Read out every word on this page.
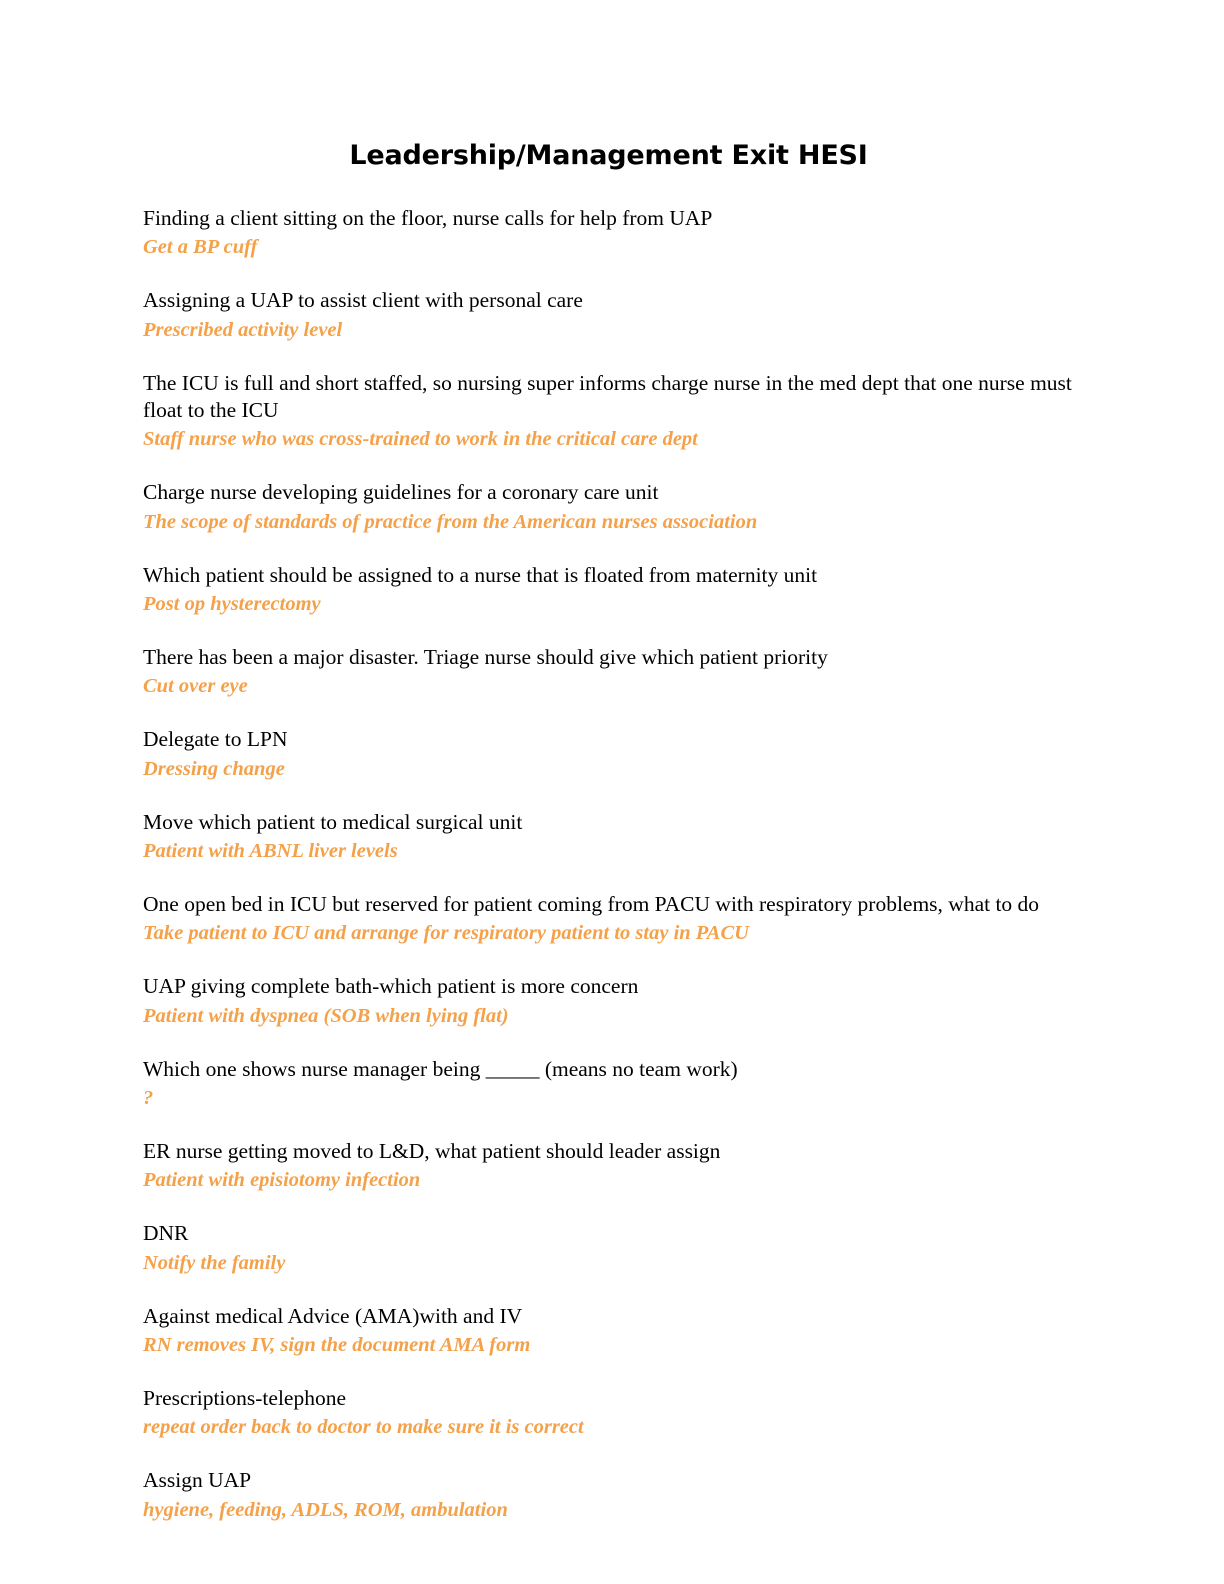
Leadership/Management Exit HESI

Finding a client sitting on the floor, nurse calls for help from UAP

Get a BP cuff

Assigning a UAP to assist client with personal care

Prescribed activity level

The ICU is full and short staffed, so nursing super informs charge nurse in the med dept that one nurse must float to the ICU

Staff nurse who was cross-trained to work in the critical care dept

Charge nurse developing guidelines for a coronary care unit

The scope of standards of practice from the American nurses association

Which patient should be assigned to a nurse that is floated from maternity unit

Post op hysterectomy

There has been a major disaster. Triage nurse should give which patient priority

Cut over eye

Delegate to LPN

Dressing change

Move which patient to medical surgical unit

Patient with ABNL liver levels

One open bed in ICU but reserved for patient coming from PACU with respiratory problems, what to do

Take patient to ICU and arrange for respiratory patient to stay in PACU

UAP giving complete bath-which patient is more concern

Patient with dyspnea (SOB when lying flat)

Which one shows nurse manager being _____ (means no team work)

?

ER nurse getting moved to L&D, what patient should leader assign

Patient with episiotomy infection

DNR

Notify the family

Against medical Advice (AMA)with and IV

RN removes IV, sign the document AMA form

Prescriptions-telephone

repeat order back to doctor to make sure it is correct

Assign UAP

hygiene, feeding, ADLS, ROM, ambulation
